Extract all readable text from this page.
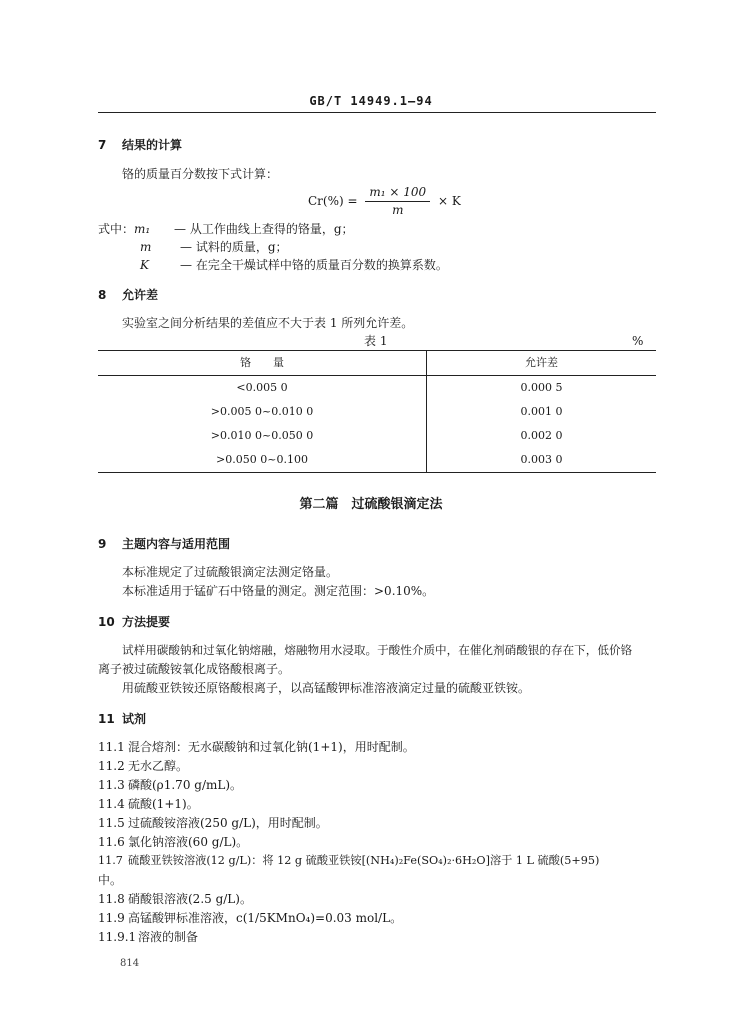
GB/T 14949.1—94
7 结果的计算
铬的质量百分数按下式计算：
$Cr(\%) = \frac{\text{m₁ × 100}}{m} \times K$
式中：m₁ — 从工作曲线上查得的铬量，g；
m — 试料的质量，g；
K	— 在完全干燥试样中铬的质量百分数的换算系数。
8 允许差
实验室之间分析结果的差值应不大于表 1 所列允许差。
表 1	%
铬　　量	允许差
<0.005 0	0.000 5
>0.005 0~0.010 0	0.001 0
>0.010 0~0.050 0	0.002 0
>0.050 0~0.100	0.003 0
第二篇　过硫酸银滴定法
9 主题内容与适用范围
本标准规定了过硫酸银滴定法测定铬量。
本标准适用于锰矿石中铬量的测定。测定范围：>0.10%。
10 方法提要
试样用碳酸钠和过氧化钠熔融，熔融物用水浸取。于酸性介质中，在催化剂硝酸银的存在下，低价铬
离子被过硫酸铵氧化成铬酸根离子。
用硫酸亚铁铵还原铬酸根离子，以高锰酸钾标准溶液滴定过量的硫酸亚铁铵。
11 试剂
11.1 混合熔剂：无水碳酸钠和过氧化钠(1+1)，用时配制。
11.2 无水乙醇。
11.3 磷酸(ρ1.70 g/mL)。
11.4 硫酸(1+1)。
11.5 过硫酸铵溶液(250 g/L)，用时配制。
11.6 氯化钠溶液(60 g/L)。
11.7 硫酸亚铁铵溶液(12 g/L)：将 12 g 硫酸亚铁铵[(NH₄)₂Fe(SO₄)₂·6H₂O]溶于 1 L 硫酸(5+95)
中。
11.8 硝酸银溶液(2.5 g/L)。
11.9 高锰酸钾标准溶液，c(1/5KMnO₄)=0.03 mol/L。
11.9.1 溶液的制备
814
